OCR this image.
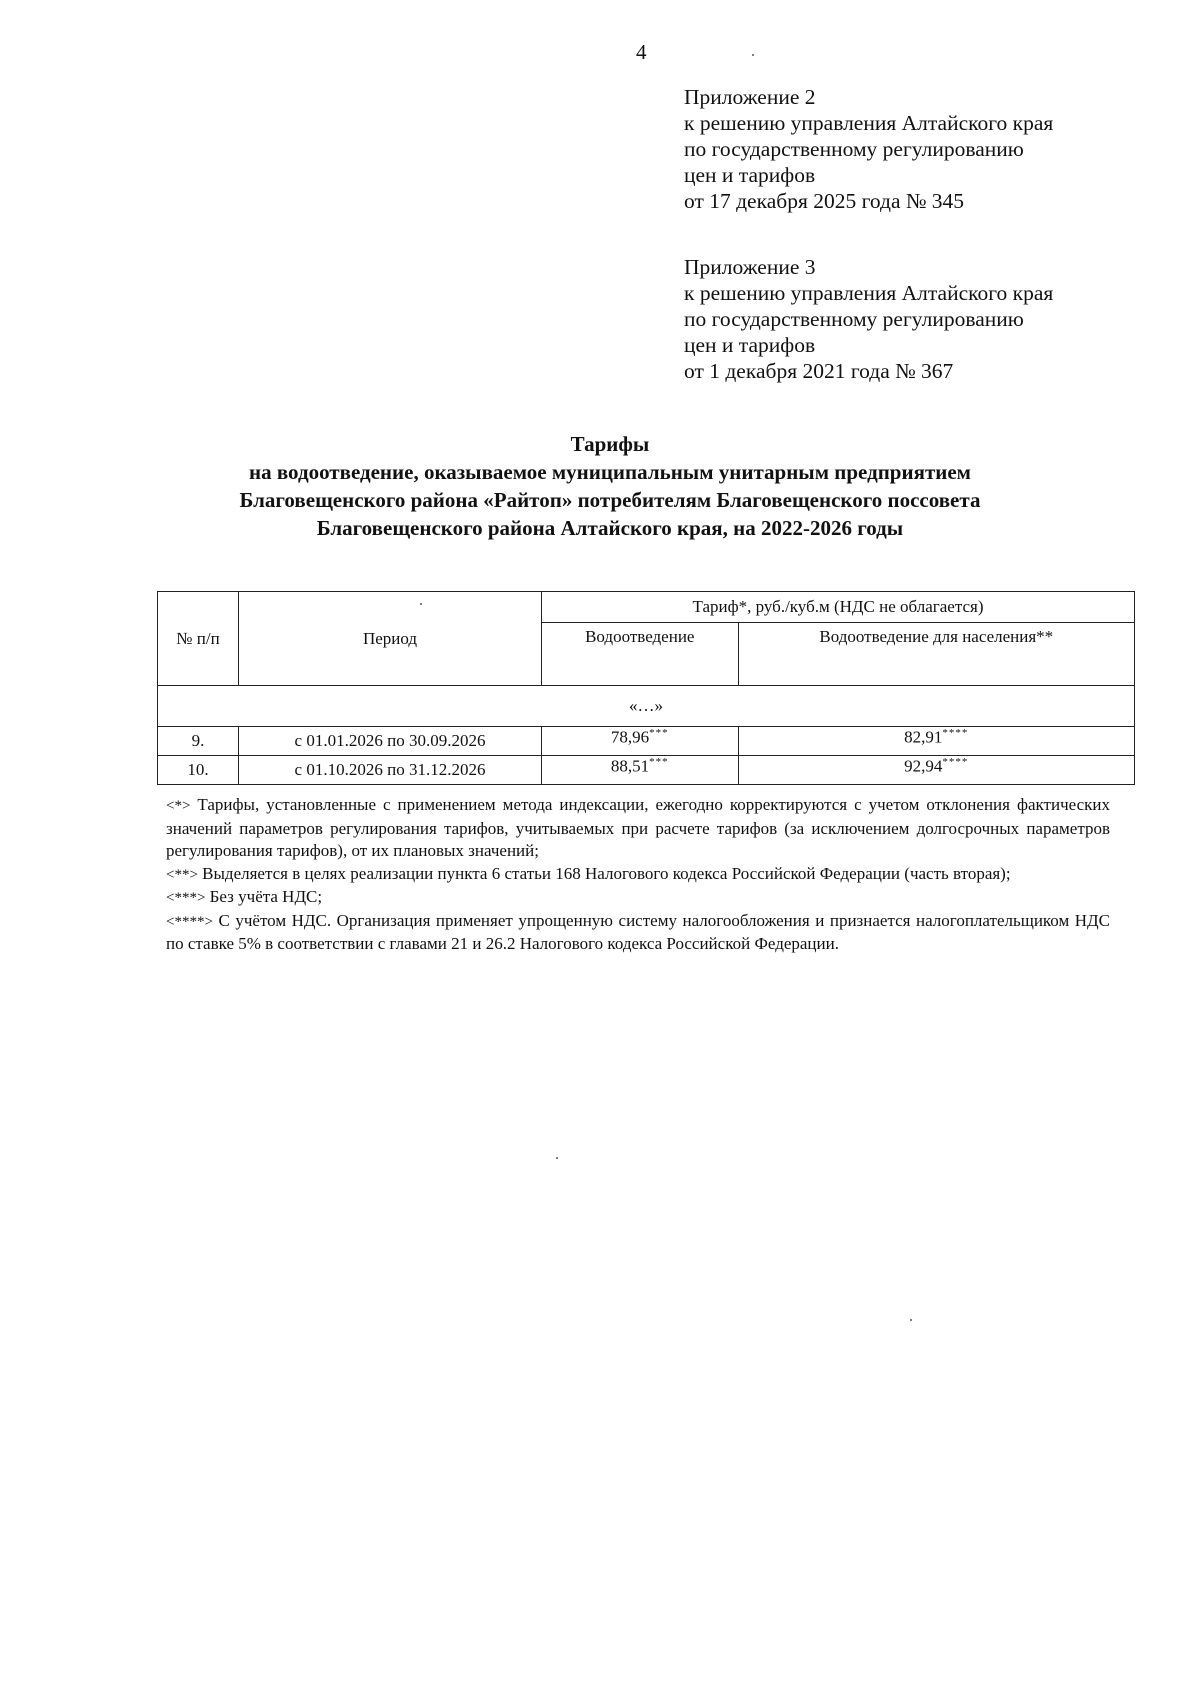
4
Приложение 2
к решению управления Алтайского края
по государственному регулированию
цен и тарифов
от 17 декабря 2025 года № 345
Приложение 3
к решению управления Алтайского края
по государственному регулированию
цен и тарифов
от 1 декабря 2021 года № 367
Тарифы
на водоотведение, оказываемое муниципальным унитарным предприятием
Благовещенского района «Райтоп» потребителям Благовещенского поссовета
Благовещенского района Алтайского края, на 2022-2026 годы
№ п/п	Период	Тариф*, руб./куб.м (НДС не облагается)	
		Водоотведение	Водоотведение для населения**
«…»			
9.	с 01.01.2026 по 30.09.2026	78,96***	82,91****
10.	с 01.10.2026 по 31.12.2026	88,51***	92,94****

<*> Тарифы, установленные с применением метода индексации, ежегодно корректируются с учетом отклонения фактических значений параметров регулирования тарифов, учитываемых при расчете тарифов (за исключением долгосрочных параметров регулирования тарифов), от их плановых значений;

<**> Выделяется в целях реализации пункта 6 статьи 168 Налогового кодекса Российской Федерации (часть вторая);

<***> Без учёта НДС;

<****> С учётом НДС. Организация применяет упрощенную систему налогообложения и признается налогоплательщиком НДС по ставке 5% в соответствии с главами 21 и 26.2 Налогового кодекса Российской Федерации.
